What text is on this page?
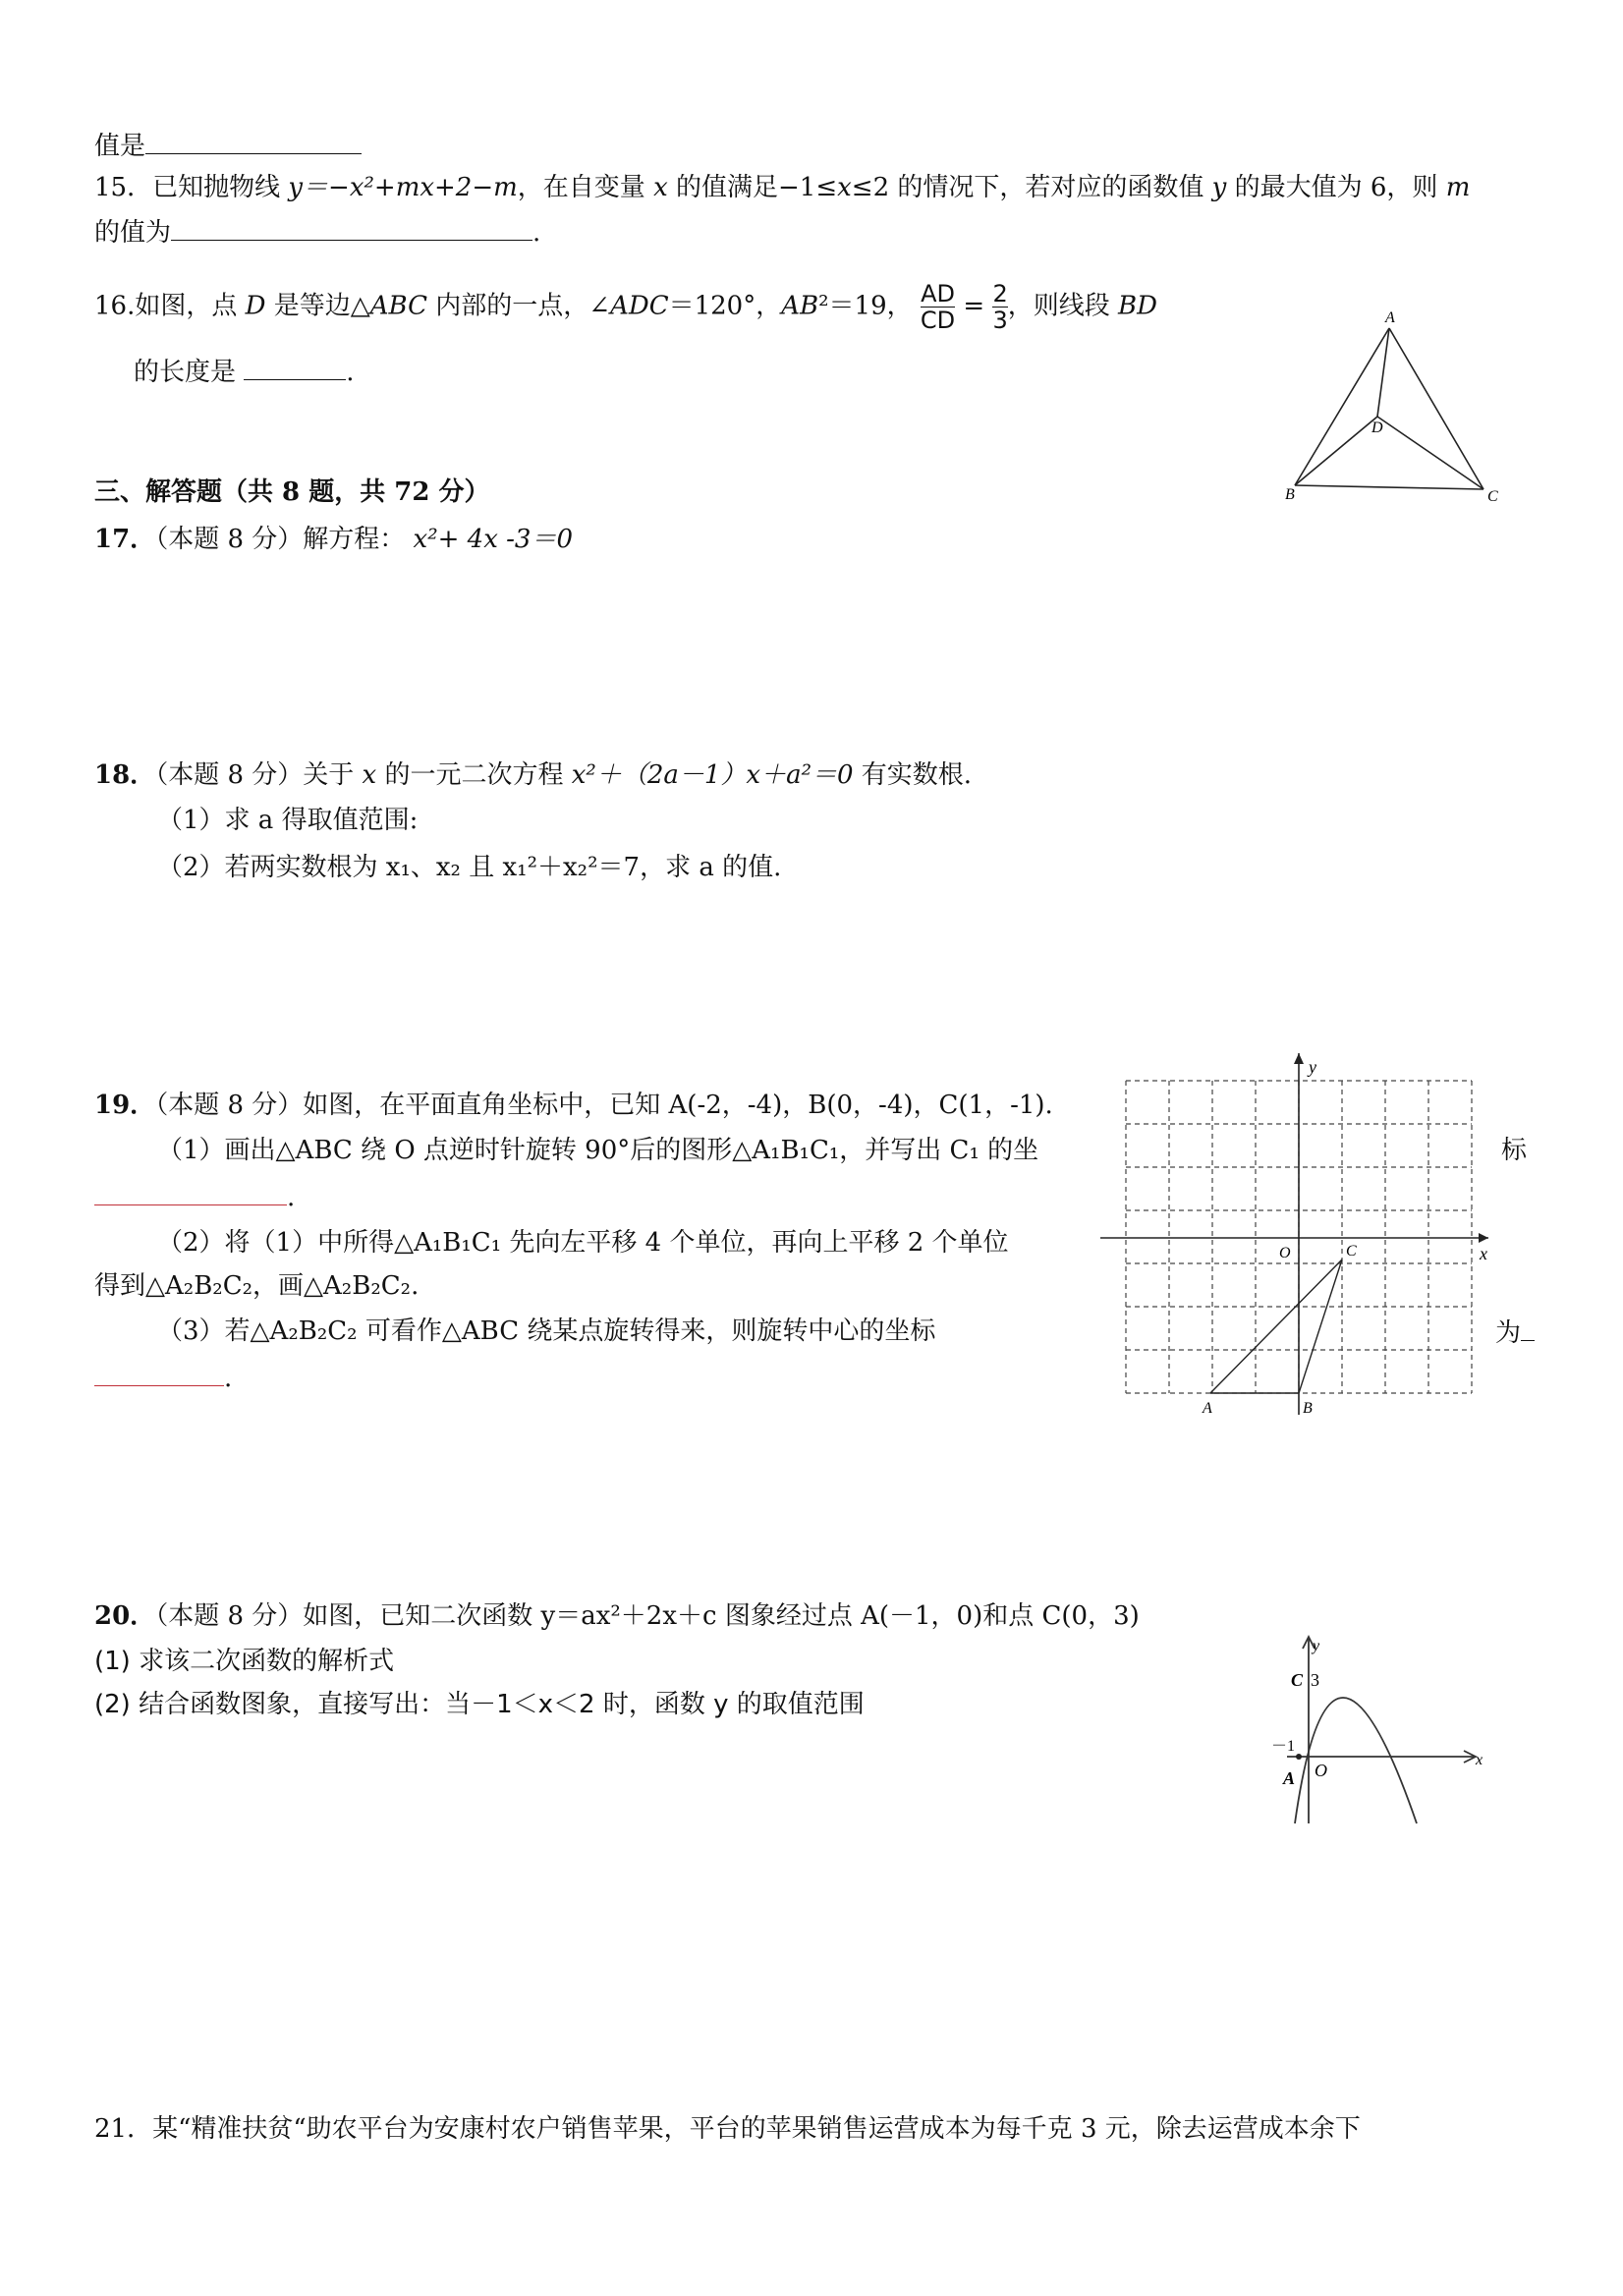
值是
15．已知抛物线 y＝−x²+mx+2−m，在自变量 x 的值满足−1≤x≤2 的情况下，若对应的函数值 y 的最大值为 6，则 m
的值为	.
16.如图，点 D 是等边△ABC 内部的一点，∠ADC＝120°，AB²＝19， $\frac{AD}{CD} = \frac{2}{3}$ ，则线段 BD
的长度是	.
A
B	C
D
三、解答题（共 8 题，共 72 分）
17．（本题 8 分）解方程： x²+ 4x -3＝0
18．（本题 8 分）关于 x 的一元二次方程 x²＋（2a－1）x＋a²＝0 有实数根.
（1）求 a 得取值范围:
（2）若两实数根为 x₁、x₂ 且 x₁²＋x₂²＝7，求 a 的值.
19．（本题 8 分）如图，在平面直角坐标中，已知 A(-2，-4)，B(0，-4)，C(1，-1).
（1）画出△ABC 绕 O 点逆时针旋转 90°后的图形△A₁B₁C₁，并写出 C₁ 的坐	标
.
（2）将（1）中所得△A₁B₁C₁ 先向左平移 4 个单位，再向上平移 2 个单位
得到△A₂B₂C₂，画△A₂B₂C₂.
（3）若△A₂B₂C₂ 可看作△ABC 绕某点旋转得来，则旋转中心的坐标	为
.
y
x
O	C
A	B
20．（本题 8 分）如图，已知二次函数 y＝ax²＋2x＋c 图象经过点 A(－1，0)和点 C(0，3)
(1) 求该二次函数的解析式
(2) 结合函数图象，直接写出：当－1＜x＜2 时，函数 y 的取值范围
y
x
O
C 3
－1
A
21．某“精准扶贫“助农平台为安康村农户销售苹果，平台的苹果销售运营成本为每千克 3 元，除去运营成本余下
